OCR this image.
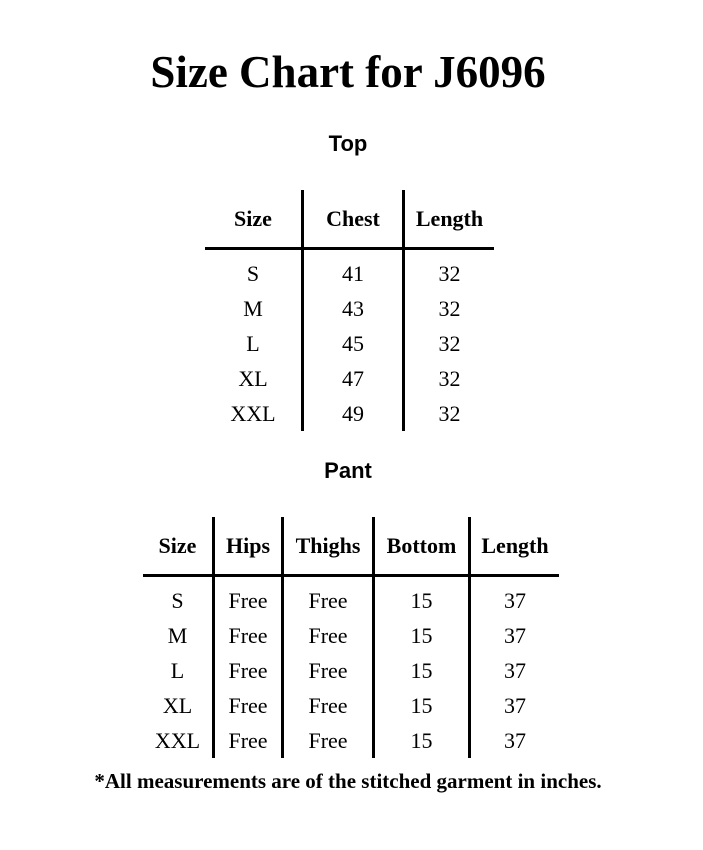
Size Chart for J6096
Top
Size	Chest	Length
S	41	32
M	43	32
L	45	32
XL	47	32
XXL	49	32
Pant
Size	Hips	Thighs	Bottom	Length
S	Free	Free	15	37
M	Free	Free	15	37
L	Free	Free	15	37
XL	Free	Free	15	37
XXL	Free	Free	15	37
*All measurements are of the stitched garment in inches.
